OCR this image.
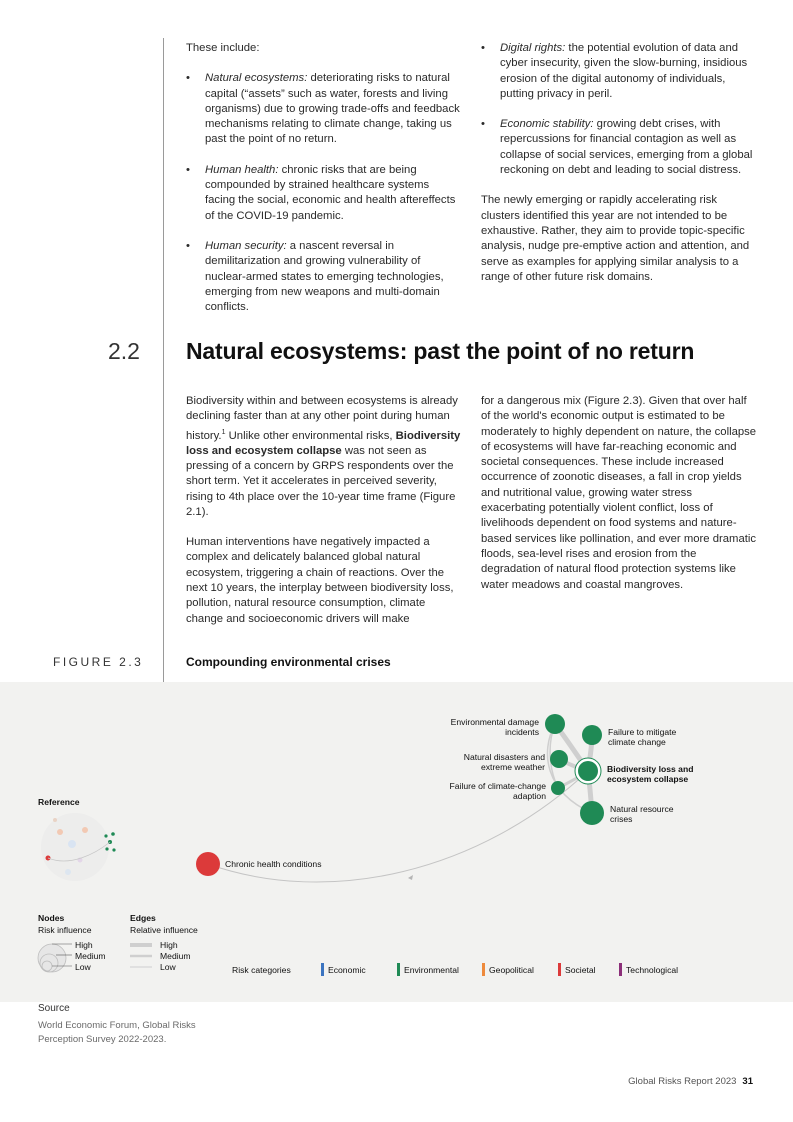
These include:

• Natural ecosystems: deteriorating risks to natural capital (“assets” such as water, forests and living organisms) due to growing trade-offs and feedback mechanisms relating to climate change, taking us past the point of no return.
• Human health: chronic risks that are being compounded by strained healthcare systems facing the social, economic and health aftereffects of the COVID-19 pandemic.
• Human security: a nascent reversal in demilitarization and growing vulnerability of nuclear-armed states to emerging technologies, emerging from new weapons and multi-domain conflicts.
• Digital rights: the potential evolution of data and cyber insecurity, given the slow-burning, insidious erosion of the digital autonomy of individuals, putting privacy in peril.
• Economic stability: growing debt crises, with repercussions for financial contagion as well as collapse of social services, emerging from a global reckoning on debt and leading to social distress.

The newly emerging or rapidly accelerating risk clusters identified this year are not intended to be exhaustive. Rather, they aim to provide topic-specific analysis, nudge pre-emptive action and attention, and serve as examples for applying similar analysis to a range of other future risk domains.

2.2 Natural ecosystems: past the point of no return

Biodiversity within and between ecosystems is already declining faster than at any other point during human history.$^1$ Unlike other environmental risks, Biodiversity loss and ecosystem collapse was not seen as pressing of a concern by GRPS respondents over the short term. Yet it accelerates in perceived severity, rising to 4th place over the 10-year time frame (Figure 2.1).

Human interventions have negatively impacted a complex and delicately balanced global natural ecosystem, triggering a chain of reactions. Over the next 10 years, the interplay between biodiversity loss, pollution, natural resource consumption, climate change and socioeconomic drivers will make

for a dangerous mix (Figure 2.3). Given that over half of the world's economic output is estimated to be moderately to highly dependent on nature, the collapse of ecosystems will have far-reaching economic and societal consequences. These include increased occurrence of zoonotic diseases, a fall in crop yields and nutritional value, growing water stress exacerbating potentially violent conflict, loss of livelihoods dependent on food systems and nature-based services like pollination, and ever more dramatic floods, sea-level rises and erosion from the degradation of natural flood protection systems like water meadows and coastal mangroves.

FIGURE 2.3	Compounding environmental crises
Environmental damage incidents	Failure to mitigate climate change
Natural disasters and extreme weather	Biodiversity loss and ecosystem collapse
Failure of climate-change adaption
Natural resource crises
Chronic health conditions
Reference
Nodes
Risk influence
High
Medium
Low
Edges
Relative influence
High
Medium
Low	Risk categories	Economic	Environmental	Geopolitical	Societal	Technological
Source
World Economic Forum, Global Risks Perception Survey 2022-2023.
Global Risks Report 2023 31
